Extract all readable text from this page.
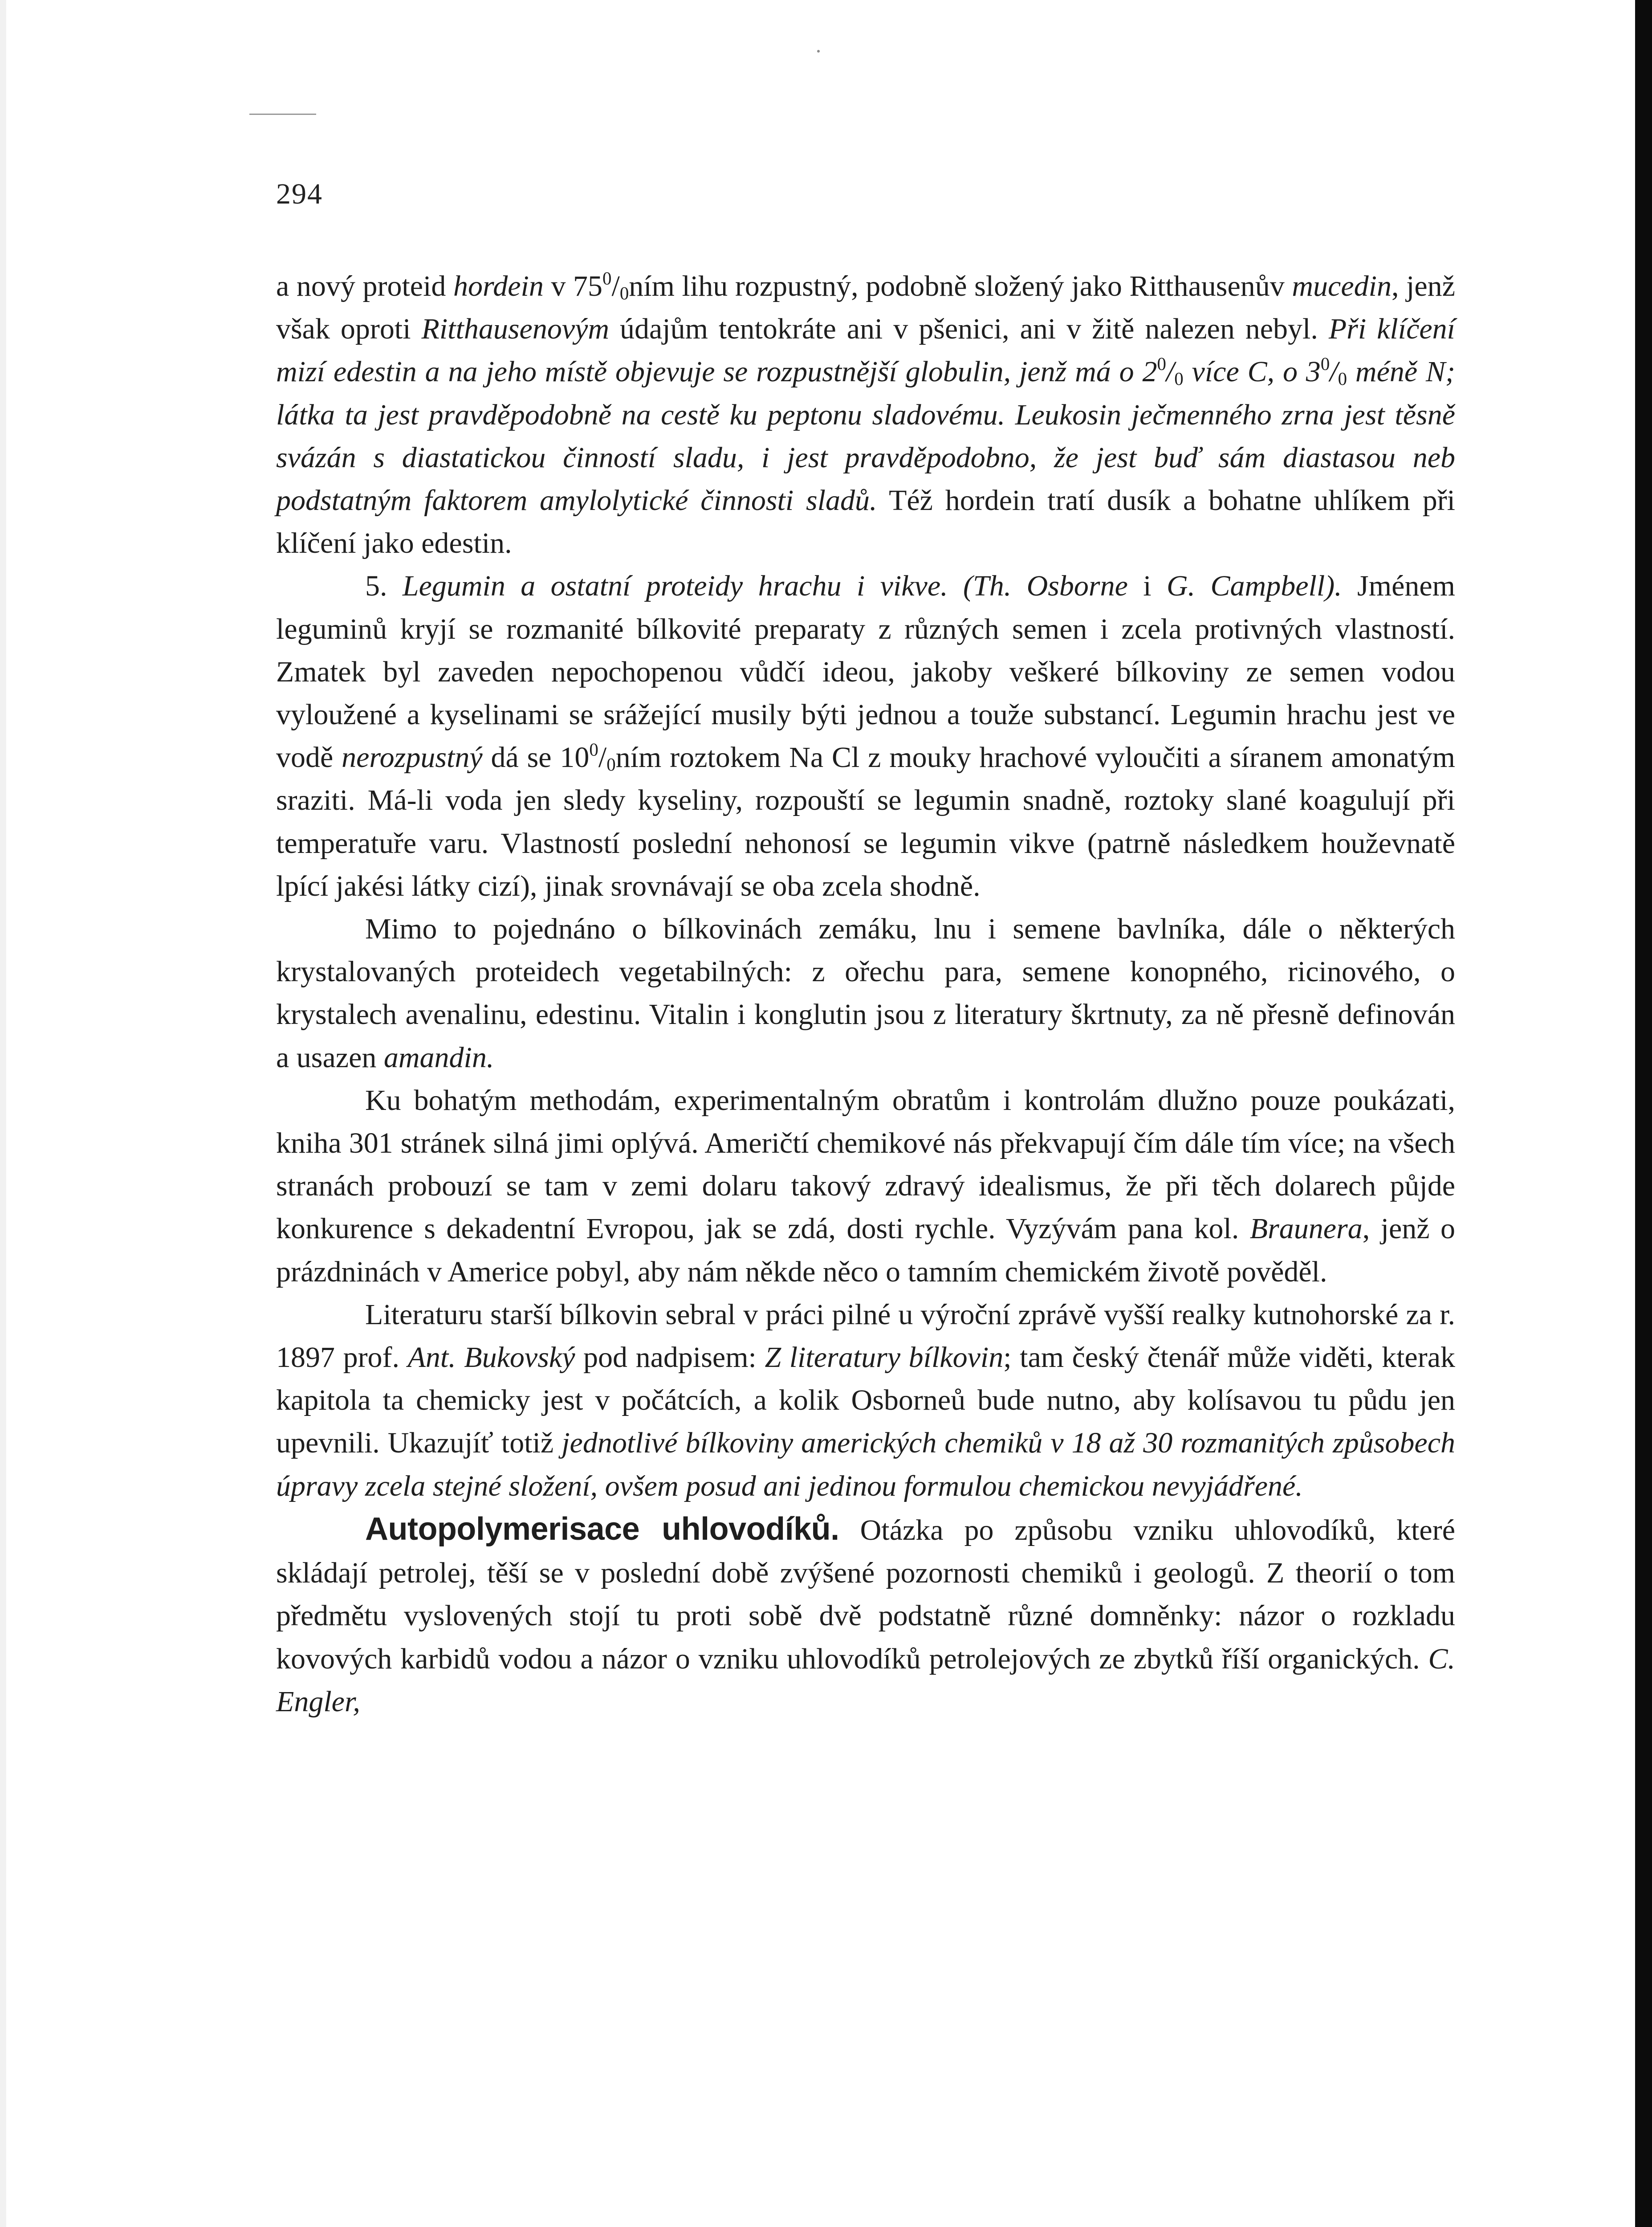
294

a nový proteid hordein v $75^0/_0ním$ lihu rozpustný, podobně složený jako Ritthausenův mucedin, jenž však oproti Ritthausenovým údajům tentokráte ani v pšenici, ani v žitě nalezen nebyl. Při klíčení mizí edestin a na jeho místě objevuje se rozpustnější globulin, jenž má o $2^0/_0$ více C, o $3^0/_0$ méně N; látka ta jest pravděpodobně na cestě ku peptonu sladovému. Leukosin ječmenného zrna jest těsně svázán s diastatickou činností sladu, i jest pravděpodobno, že jest buď sám diastasou neb podstatným faktorem amylolytické činnosti sladů. Též hordein tratí dusík a bohatne uhlíkem při klíčení jako edestin.

5. Legumin a ostatní proteidy hrachu i vikve. (Th. Osborne i G. Campbell). Jménem leguminů kryjí se rozmanité bílkovité preparaty z různých semen i zcela protivných vlastností. Zmatek byl zaveden nepochopenou vůdčí ideou, jakoby veškeré bílkoviny ze semen vodou vyloužené a kyselinami se srážející musily býti jednou a touže substancí. Legumin hrachu jest ve vodě nerozpustný dá se $10^0/_0ním$ roztokem Na Cl z mouky hrachové vyloučiti a síranem amonatým sraziti. Má-li voda jen sledy kyseliny, rozpouští se legumin snadně, roztoky slané koagulují při temperatuře varu. Vlastností poslední nehonosí se legumin vikve (patrně následkem houževnatě lpící jakési látky cizí), jinak srovnávají se oba zcela shodně.

Mimo to pojednáno o bílkovinách zemáku, lnu i semene bavlníka, dále o některých krystalovaných proteidech vegetabilných: z ořechu para, semene konopného, ricinového, o krystalech avenalinu, edestinu. Vitalin i konglutin jsou z literatury škrtnuty, za ně přesně definován a usazen amandin.

Ku bohatým methodám, experimentalným obratům i kontrolám dlužno pouze poukázati, kniha 301 stránek silná jimi oplývá. Američtí chemikové nás překvapují čím dále tím více; na všech stranách probouzí se tam v zemi dolaru takový zdravý idealismus, že při těch dolarech půjde konkurence s dekadentní Evropou, jak se zdá, dosti rychle. Vyzývám pana kol. Braunera, jenž o prázdninách v Americe pobyl, aby nám někde něco o tamním chemickém životě pověděl.

Literaturu starší bílkovin sebral v práci pilné u výroční zprávě vyšší realky kutnohorské za r. 1897 prof. Ant. Bukovský pod nadpisem: Z literatury bílkovin; tam český čtenář může viděti, kterak kapitola ta chemicky jest v počátcích, a kolik Osborneů bude nutno, aby kolísavou tu půdu jen upevnili. Ukazujíť totiž jednotlivé bílkoviny amerických chemiků v 18 až 30 rozmanitých způsobech úpravy zcela stejné složení, ovšem posud ani jedinou formulou chemickou nevyjádřené.

Autopolymerisace uhlovodíků. Otázka po způsobu vzniku uhlovodíků, které skládají petrolej, těší se v poslední době zvýšené pozornosti chemiků i geologů. Z theorií o tom předmětu vyslovených stojí tu proti sobě dvě podstatně různé domněnky: názor o rozkladu kovových karbidů vodou a názor o vzniku uhlovodíků petrolejových ze zbytků říší organických. C. Engler,
